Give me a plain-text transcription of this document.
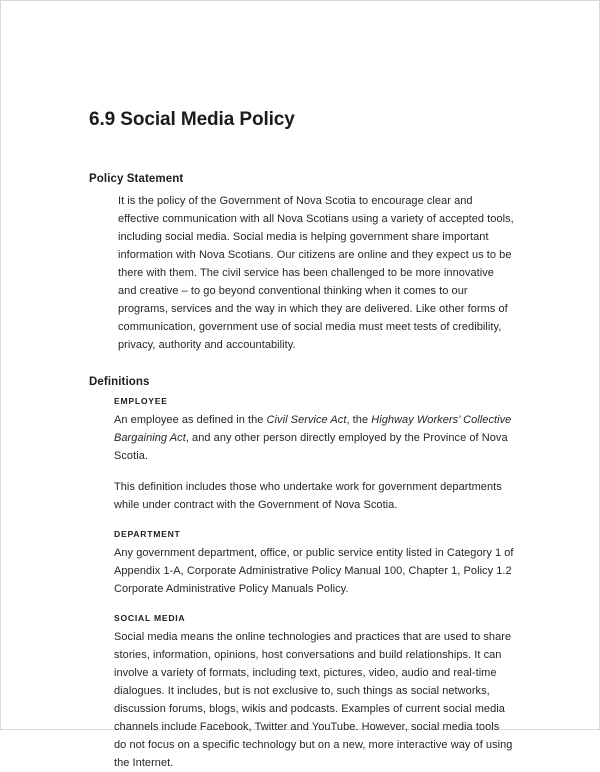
6.9 Social Media Policy
Policy Statement

It is the policy of the Government of Nova Scotia to encourage clear and effective communication with all Nova Scotians using a variety of accepted tools, including social media. Social media is helping government share important information with Nova Scotians. Our citizens are online and they expect us to be there with them. The civil service has been challenged to be more innovative and creative – to go beyond conventional thinking when it comes to our programs, services and the way in which they are delivered. Like other forms of communication, government use of social media must meet tests of credibility, privacy, authority and accountability.

Definitions
EMPLOYEE

An employee as defined in the Civil Service Act, the Highway Workers’ Collective Bargaining Act, and any other person directly employed by the Province of Nova Scotia.

This definition includes those who undertake work for government departments while under contract with the Government of Nova Scotia.

DEPARTMENT

Any government department, office, or public service entity listed in Category 1 of Appendix 1-A, Corporate Administrative Policy Manual 100, Chapter 1, Policy 1.2 Corporate Administrative Policy Manuals Policy.

SOCIAL MEDIA

Social media means the online technologies and practices that are used to share stories, information, opinions, host conversations and build relationships. It can involve a variety of formats, including text, pictures, video, audio and real-time dialogues. It includes, but is not exclusive to, such things as social networks, discussion forums, blogs, wikis and podcasts. Examples of current social media channels include Facebook, Twitter and YouTube. However, social media tools do not focus on a specific technology but on a new, more interactive way of using the Internet.
